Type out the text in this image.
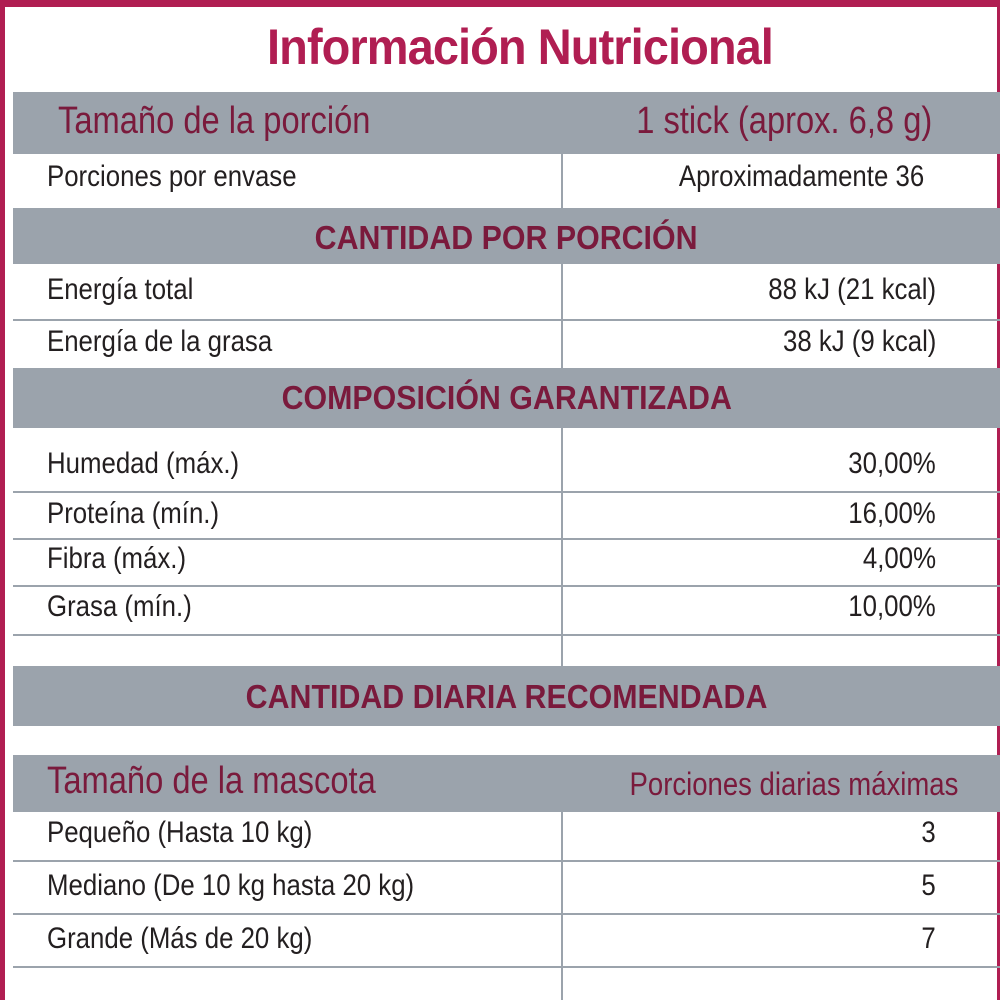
Información Nutricional
Tamaño de la porción	1 stick (aprox. 6,8 g)
Porciones por envase	Aproximadamente 36
CANTIDAD POR PORCIÓN
Energía total	88 kJ (21 kcal)
Energía de la grasa	38 kJ (9 kcal)
COMPOSICIÓN GARANTIZADA
Humedad (máx.)	30,00%
Proteína (mín.)	16,00%
Fibra (máx.)	4,00%
Grasa (mín.)	10,00%
CANTIDAD DIARIA RECOMENDADA
Tamaño de la mascota	Porciones diarias máximas
Pequeño (Hasta 10 kg)	3
Mediano (De 10 kg hasta 20 kg)	5
Grande (Más de 20 kg)	7
